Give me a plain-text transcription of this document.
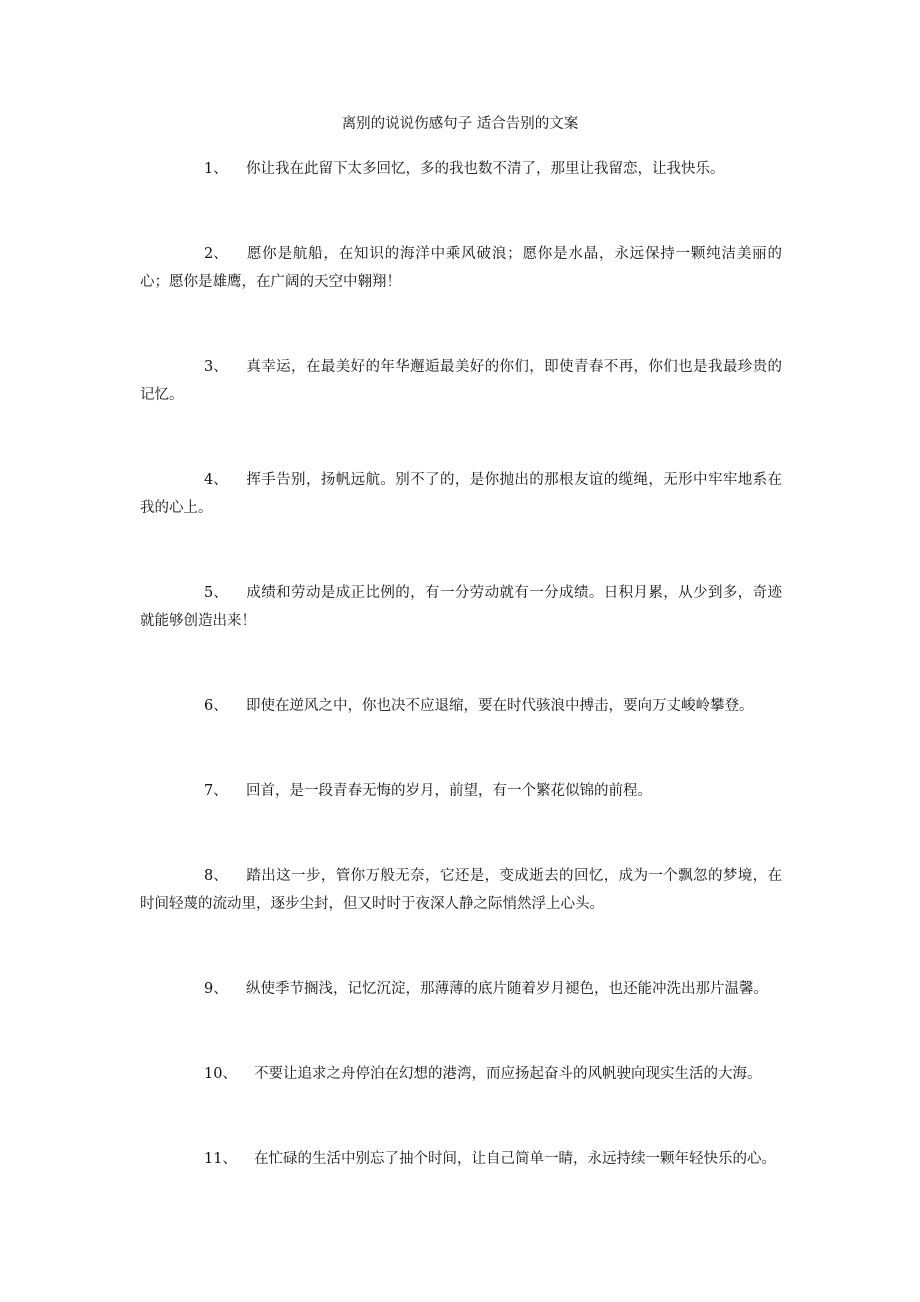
离别的说说伤感句子 适合告别的文案

1、 你让我在此留下太多回忆，多的我也数不清了，那里让我留恋，让我快乐。

2、 愿你是航船，在知识的海洋中乘风破浪；愿你是水晶，永远保持一颗纯洁美丽的心；愿你是雄鹰，在广阔的天空中翱翔！

3、 真幸运，在最美好的年华邂逅最美好的你们，即使青春不再，你们也是我最珍贵的记忆。

4、 挥手告别，扬帆远航。别不了的，是你抛出的那根友谊的缆绳，无形中牢牢地系在我的心上。

5、 成绩和劳动是成正比例的，有一分劳动就有一分成绩。日积月累，从少到多，奇迹就能够创造出来！

6、 即使在逆风之中，你也决不应退缩，要在时代骇浪中搏击，要向万丈峻岭攀登。

7、 回首，是一段青春无悔的岁月，前望，有一个繁花似锦的前程。

8、 踏出这一步，管你万般无奈，它还是，变成逝去的回忆，成为一个飘忽的梦境，在时间轻蔑的流动里，逐步尘封，但又时时于夜深人静之际悄然浮上心头。

9、 纵使季节搁浅，记忆沉淀，那薄薄的底片随着岁月褪色，也还能冲洗出那片温馨。

10、 不要让追求之舟停泊在幻想的港湾，而应扬起奋斗的风帆驶向现实生活的大海。

11、 在忙碌的生活中别忘了抽个时间，让自己简单一睛，永远持续一颗年轻快乐的心。
